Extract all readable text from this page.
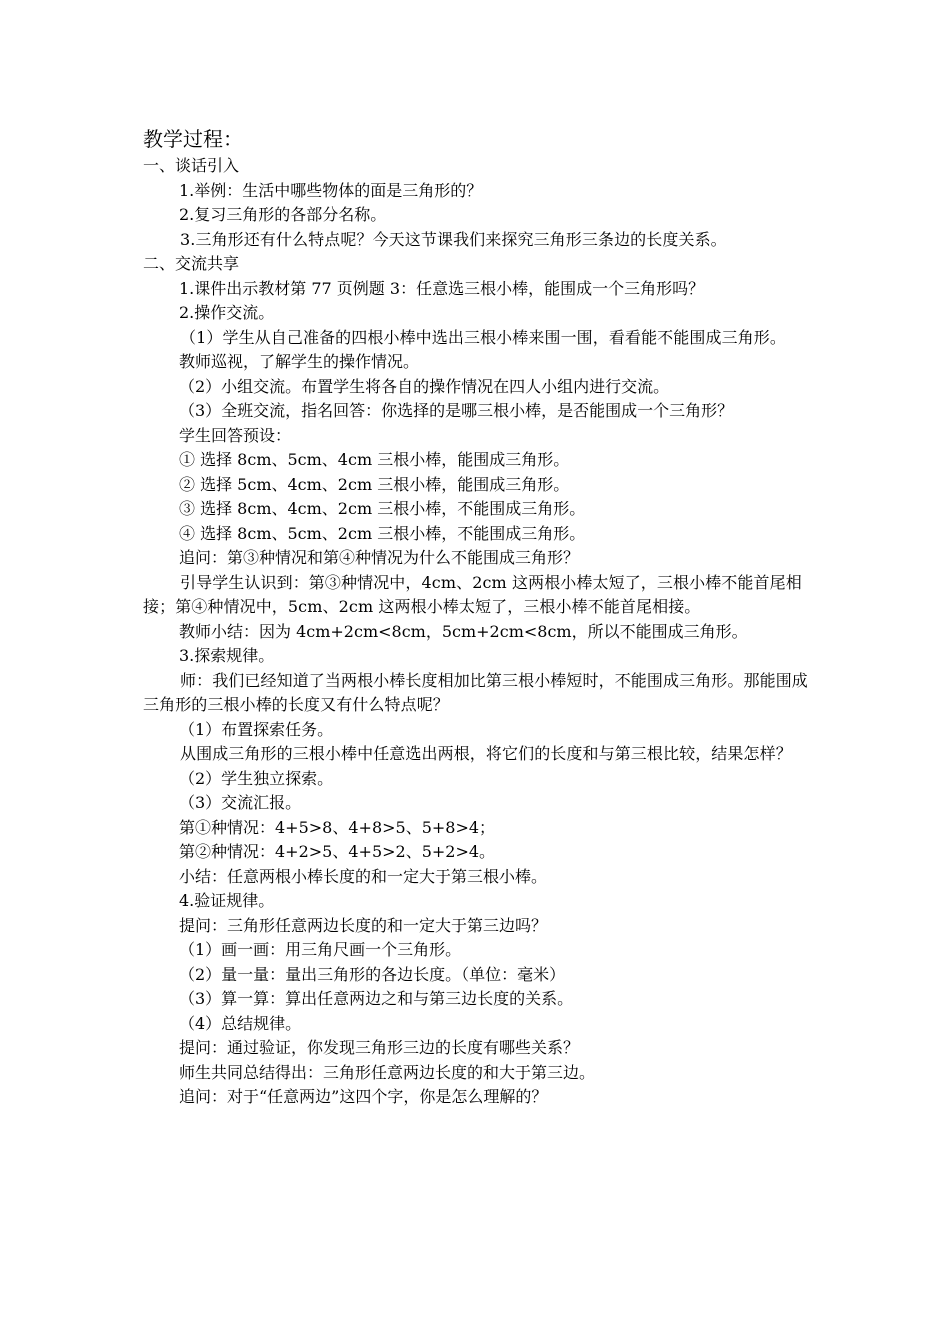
教学过程：
一、谈话引入
1.举例：生活中哪些物体的面是三角形的？
2.复习三角形的各部分名称。
3.三角形还有什么特点呢？今天这节课我们来探究三角形三条边的长度关系。
二、交流共享
1.课件出示教材第 77 页例题 3：任意选三根小棒，能围成一个三角形吗？
2.操作交流。
（1）学生从自己准备的四根小棒中选出三根小棒来围一围，看看能不能围成三角形。
教师巡视，了解学生的操作情况。
（2）小组交流。布置学生将各自的操作情况在四人小组内进行交流。
（3）全班交流，指名回答：你选择的是哪三根小棒，是否能围成一个三角形？
学生回答预设：
① 选择 8cm、5cm、4cm 三根小棒，能围成三角形。
② 选择 5cm、4cm、2cm 三根小棒，能围成三角形。
③ 选择 8cm、4cm、2cm 三根小棒，不能围成三角形。
④ 选择 8cm、5cm、2cm 三根小棒，不能围成三角形。
追问：第③种情况和第④种情况为什么不能围成三角形？
引导学生认识到：第③种情况中，4cm、2cm 这两根小棒太短了，三根小棒不能首尾相接；第④种情况中，5cm、2cm 这两根小棒太短了，三根小棒不能首尾相接。
教师小结：因为 4cm+2cm<8cm，5cm+2cm<8cm，所以不能围成三角形。
3.探索规律。
师：我们已经知道了当两根小棒长度相加比第三根小棒短时，不能围成三角形。那能围成三角形的三根小棒的长度又有什么特点呢？
（1）布置探索任务。
从围成三角形的三根小棒中任意选出两根，将它们的长度和与第三根比较，结果怎样？
（2）学生独立探索。
（3）交流汇报。
第①种情况：4+5>8、4+8>5、5+8>4；
第②种情况：4+2>5、4+5>2、5+2>4。
小结：任意两根小棒长度的和一定大于第三根小棒。
4.验证规律。
提问：三角形任意两边长度的和一定大于第三边吗？
（1）画一画：用三角尺画一个三角形。
（2）量一量：量出三角形的各边长度。（单位：毫米）
（3）算一算：算出任意两边之和与第三边长度的关系。
（4）总结规律。
提问：通过验证，你发现三角形三边的长度有哪些关系？
师生共同总结得出：三角形任意两边长度的和大于第三边。
追问：对于“任意两边”这四个字，你是怎么理解的？
